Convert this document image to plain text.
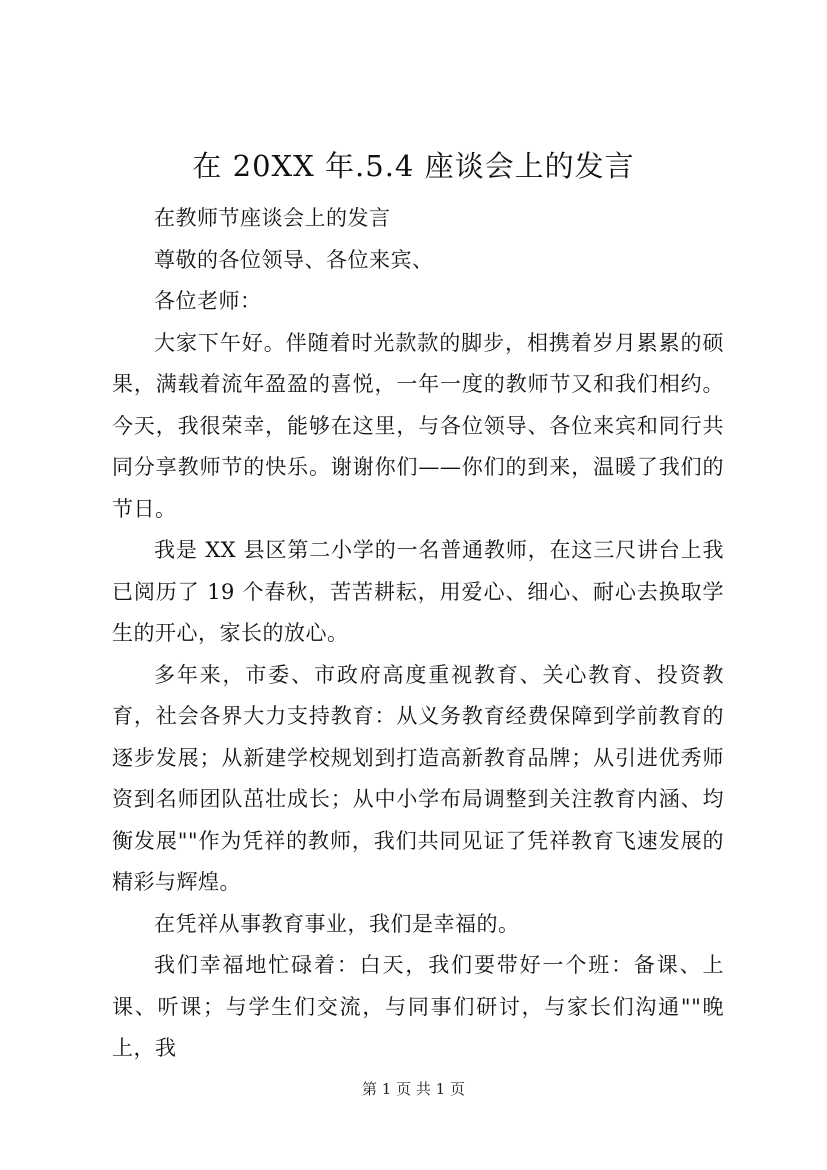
在 20XX 年.5.4 座谈会上的发言

在教师节座谈会上的发言

尊敬的各位领导、各位来宾、

各位老师：

大家下午好。伴随着时光款款的脚步，相携着岁月累累的硕果，满载着流年盈盈的喜悦，一年一度的教师节又和我们相约。今天，我很荣幸，能够在这里，与各位领导、各位来宾和同行共同分享教师节的快乐。谢谢你们——你们的到来，温暖了我们的节日。

我是 XX 县区第二小学的一名普通教师，在这三尺讲台上我已阅历了 19 个春秋，苦苦耕耘，用爱心、细心、耐心去换取学生的开心，家长的放心。

多年来，市委、市政府高度重视教育、关心教育、投资教育，社会各界大力支持教育：从义务教育经费保障到学前教育的逐步发展；从新建学校规划到打造高新教育品牌；从引进优秀师资到名师团队茁壮成长；从中小学布局调整到关注教育内涵、均衡发展""作为凭祥的教师，我们共同见证了凭祥教育飞速发展的精彩与辉煌。

在凭祥从事教育事业，我们是幸福的。

我们幸福地忙碌着：白天，我们要带好一个班：备课、上课、听课；与学生们交流，与同事们研讨，与家长们沟通""晚上，我

第 1 页 共 1 页
